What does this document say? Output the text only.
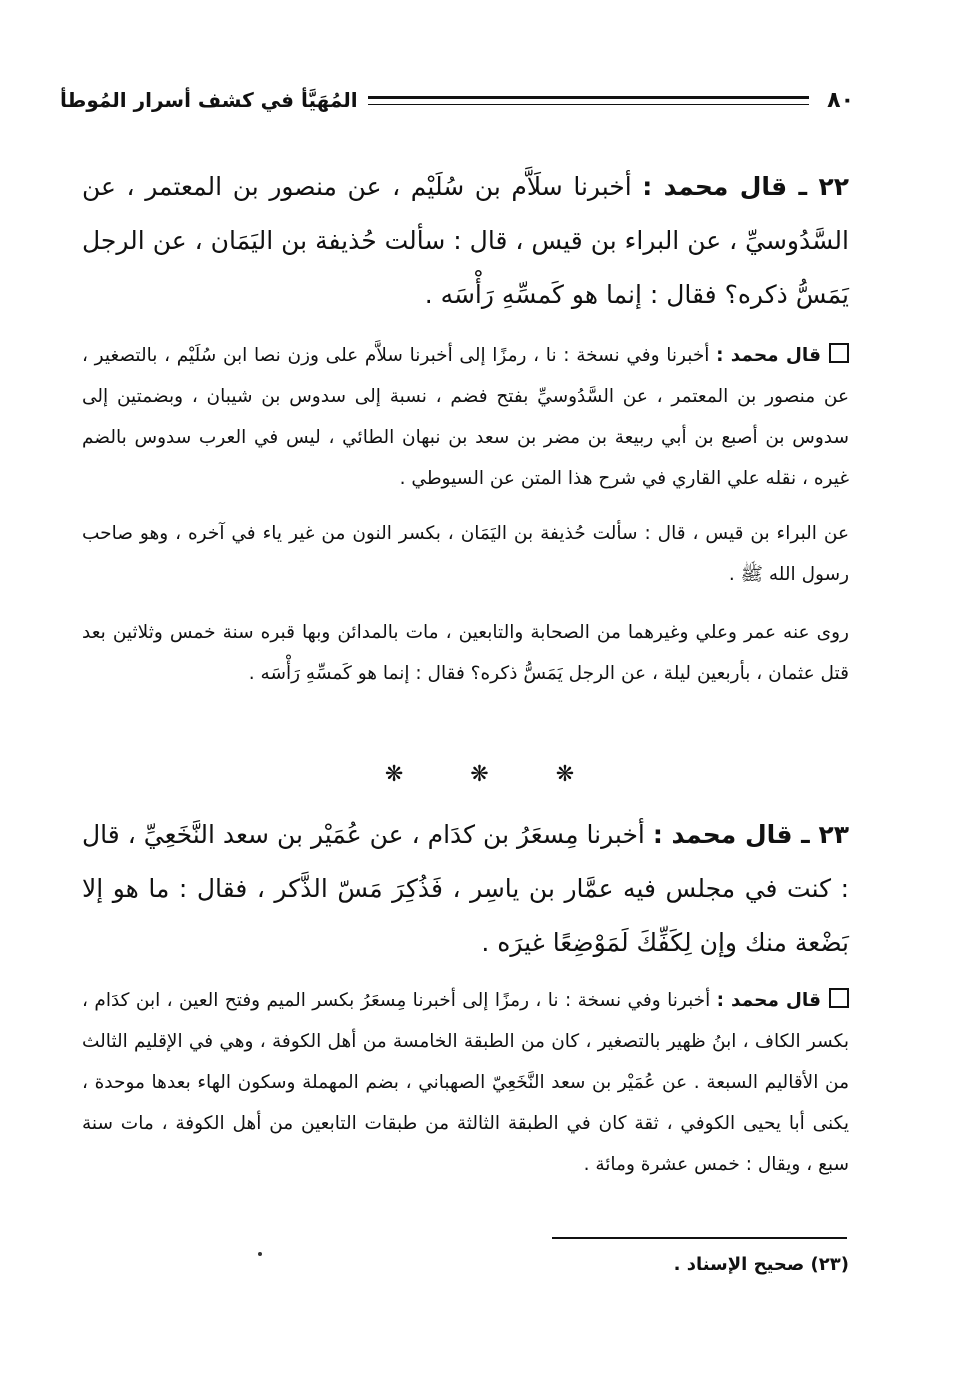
٨٠
المُهَيَّأ في كشف أسرار المُوطأ
٢٢ ـ قال محمد : أخبرنا سلَاَّم بن سُلَيْم ، عن منصور بن المعتمر ، عن السَّدُوسيِّ ، عن البراء بن قيس ، قال : سألت حُذيفة بن اليَمَان ، عن الرجل يَمَسُّ ذكره؟ فقال : إنما هو كَمسِّهِ رَأْسَه .
قال محمد : أخبرنا وفي نسخة : نا ، رمزًا إلى أخبرنا سلاَّم على وزن نصا ابن سُلَيْم ، بالتصغير ، عن منصور بن المعتمر ، عن السَّدُوسيِّ بفتح فضم ، نسبة إلى سدوس بن شيبان ، وبضمتين إلى سدوس بن أصبع بن أبي ربيعة بن مضر بن سعد بن نبهان الطائي ، ليس في العرب سدوس بالضم غيره ، نقله علي القاري في شرح هذا المتن عن السيوطي .
عن البراء بن قيس ، قال : سألت حُذيفة بن اليَمَان ، بكسر النون من غير ياء في آخره ، وهو صاحب رسول الله ﷺ .
روى عنه عمر وعلي وغيرهما من الصحابة والتابعين ، مات بالمدائن وبها قبره سنة خمس وثلاثين بعد قتل عثمان ، بأربعين ليلة ، عن الرجل يَمَسُّ ذكره؟ فقال : إنما هو كَمسِّهِ رَأْسَه .
❋	❋	❋
٢٣ ـ قال محمد : أخبرنا مِسعَرُ بن كدَام ، عن عُمَيْر بن سعد النَّخَعِيِّ ، قال : كنت في مجلس فيه عمَّار بن ياسِر ، فَذُكِرَ مَسّ الذَّكر ، فقال : ما هو إلا بَضْعة منك وإن لِكَفِّكَ لَمَوْضِعًا غيرَه .
قال محمد : أخبرنا وفي نسخة : نا ، رمزًا إلى أخبرنا مِسعَرُ بكسر الميم وفتح العين ، ابن كدَام ، بكسر الكاف ، ابنُ ظهير بالتصغير ، كان من الطبقة الخامسة من أهل الكوفة ، وهي في الإقليم الثالث من الأقاليم السبعة . عن عُمَيْر بن سعد النَّخَعِيّ الصهباني ، بضم المهملة وسكون الهاء بعدها موحدة ، يكنى أبا يحيى الكوفي ، ثقة كان في الطبقة الثالثة من طبقات التابعين من أهل الكوفة ، مات سنة سبع ، ويقال : خمس عشرة ومائة .
(٢٣) صحيح الإسناد .
